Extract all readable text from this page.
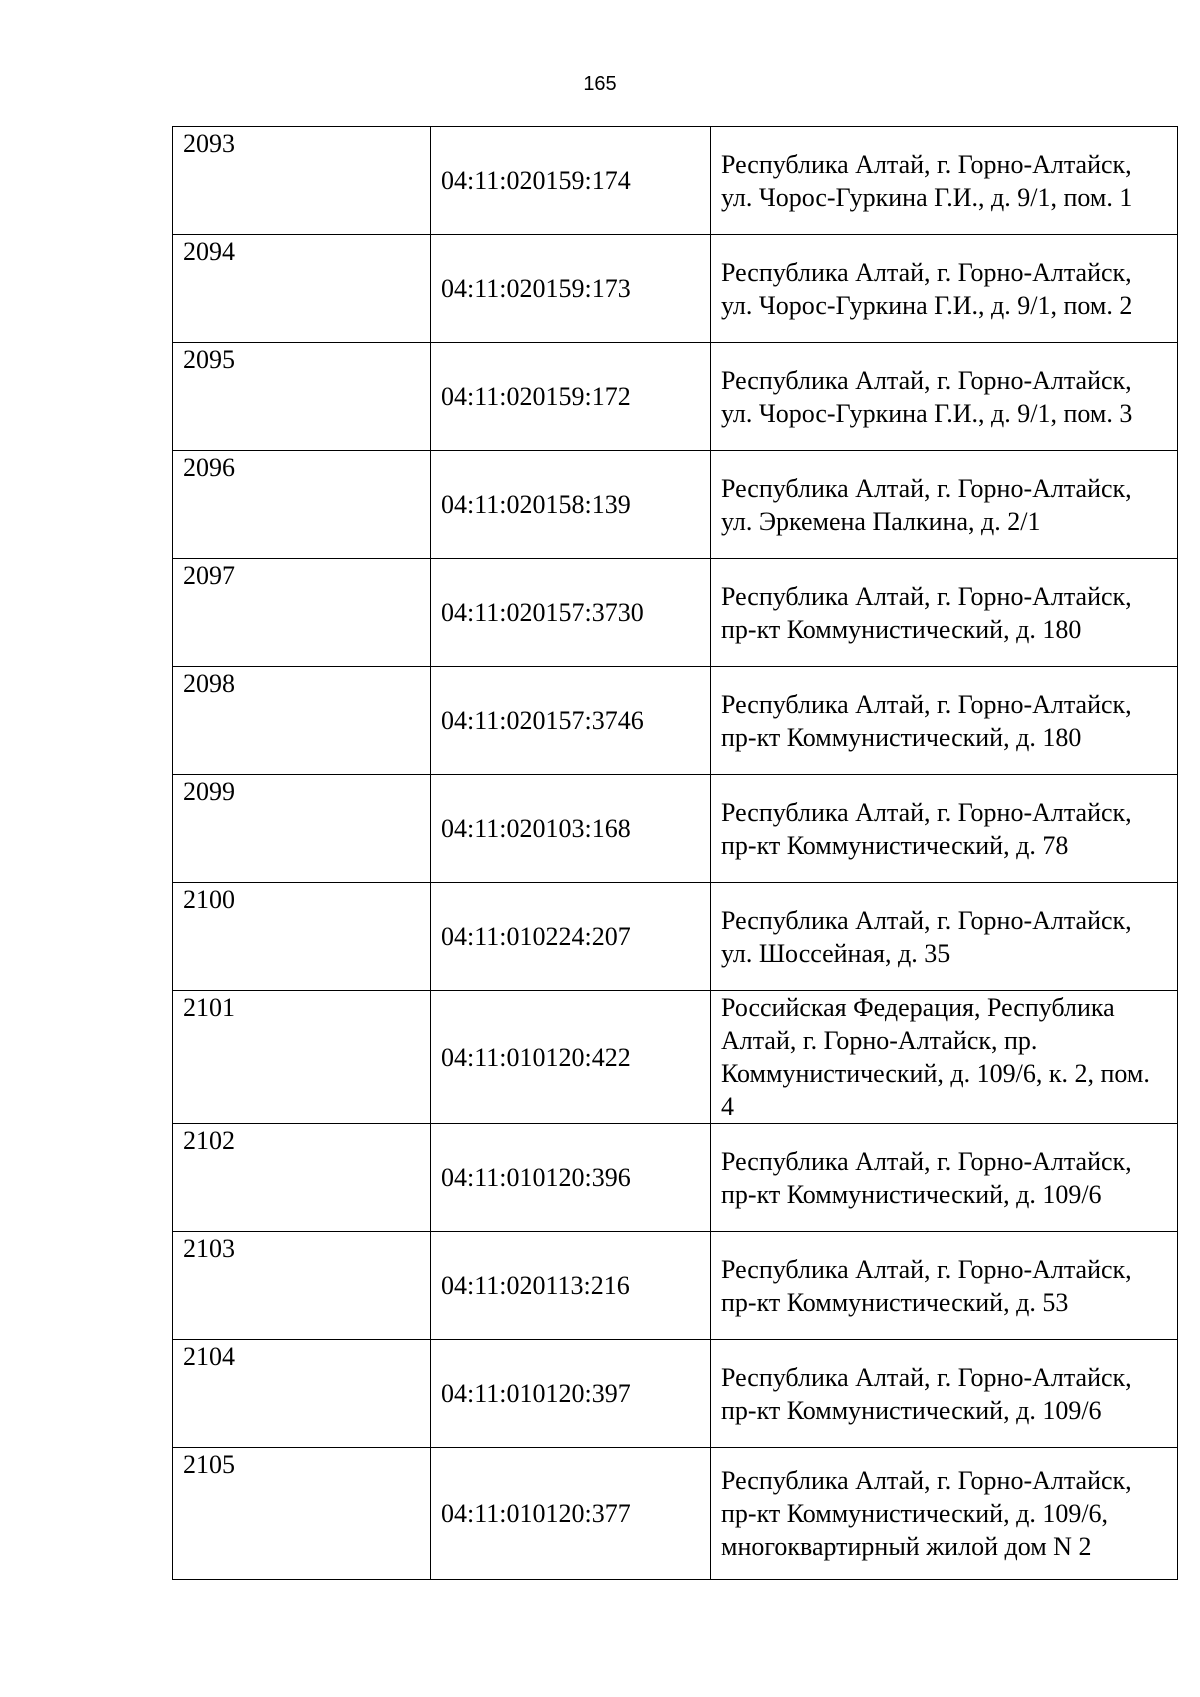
165
2093	04:11:020159:174	Республика Алтай, г. Горно-Алтайск, ул. Чорос-Гуркина Г.И., д. 9/1, пом. 1
2094	04:11:020159:173	Республика Алтай, г. Горно-Алтайск, ул. Чорос-Гуркина Г.И., д. 9/1, пом. 2
2095	04:11:020159:172	Республика Алтай, г. Горно-Алтайск, ул. Чорос-Гуркина Г.И., д. 9/1, пом. 3
2096	04:11:020158:139	Республика Алтай, г. Горно-Алтайск, ул. Эркемена Палкина, д. 2/1
2097	04:11:020157:3730	Республика Алтай, г. Горно-Алтайск, пр-кт Коммунистический, д. 180
2098	04:11:020157:3746	Республика Алтай, г. Горно-Алтайск, пр-кт Коммунистический, д. 180
2099	04:11:020103:168	Республика Алтай, г. Горно-Алтайск, пр-кт Коммунистический, д. 78
2100	04:11:010224:207	Республика Алтай, г. Горно-Алтайск, ул. Шоссейная, д. 35
2101	04:11:010120:422	Российская Федерация, Республика Алтай, г. Горно-Алтайск, пр. Коммунистический, д. 109/6, к. 2, пом. 4
2102	04:11:010120:396	Республика Алтай, г. Горно-Алтайск, пр-кт Коммунистический, д. 109/6
2103	04:11:020113:216	Республика Алтай, г. Горно-Алтайск, пр-кт Коммунистический, д. 53
2104	04:11:010120:397	Республика Алтай, г. Горно-Алтайск, пр-кт Коммунистический, д. 109/6
2105	04:11:010120:377	Республика Алтай, г. Горно-Алтайск, пр-кт Коммунистический, д. 109/6, многоквартирный жилой дом N 2
